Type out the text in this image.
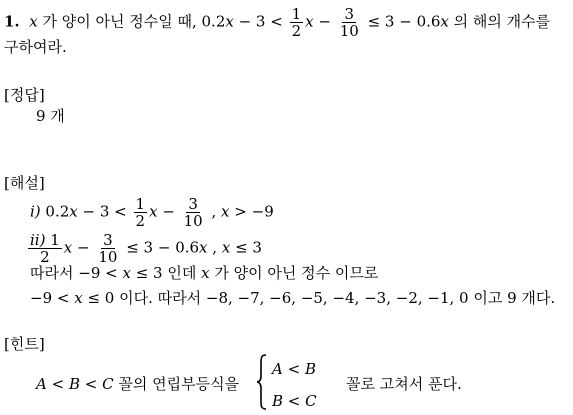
1. x 가 양이 아닌 정수일 때, $0.2x - 3 < \frac{1}{2}$ $x - \frac{3}{10} \le 3 - 0.6x$ 의 해의 개수를
구하여라.
[정답]
9 개
[해설]
i) $0.2x - 3 < \frac{1}{2}$ $x - \frac{3}{10}$ , x > −9
$\frac{ii) 1}{2}$ $x - \frac{3}{10} \le 3 - 0.6x$ , x ≤ 3
따라서 −9 < x ≤ 3 인데 x 가 양이 아닌 정수 이므로
−9 < x ≤ 0 이다. 따라서 −8, −7, −6, −5, −4, −3, −2, −1, 0 이고 9 개다.
[힌트]
A < B < C 꼴의 연립부등식을
A < B
B < C
꼴로 고쳐서 푼다.
